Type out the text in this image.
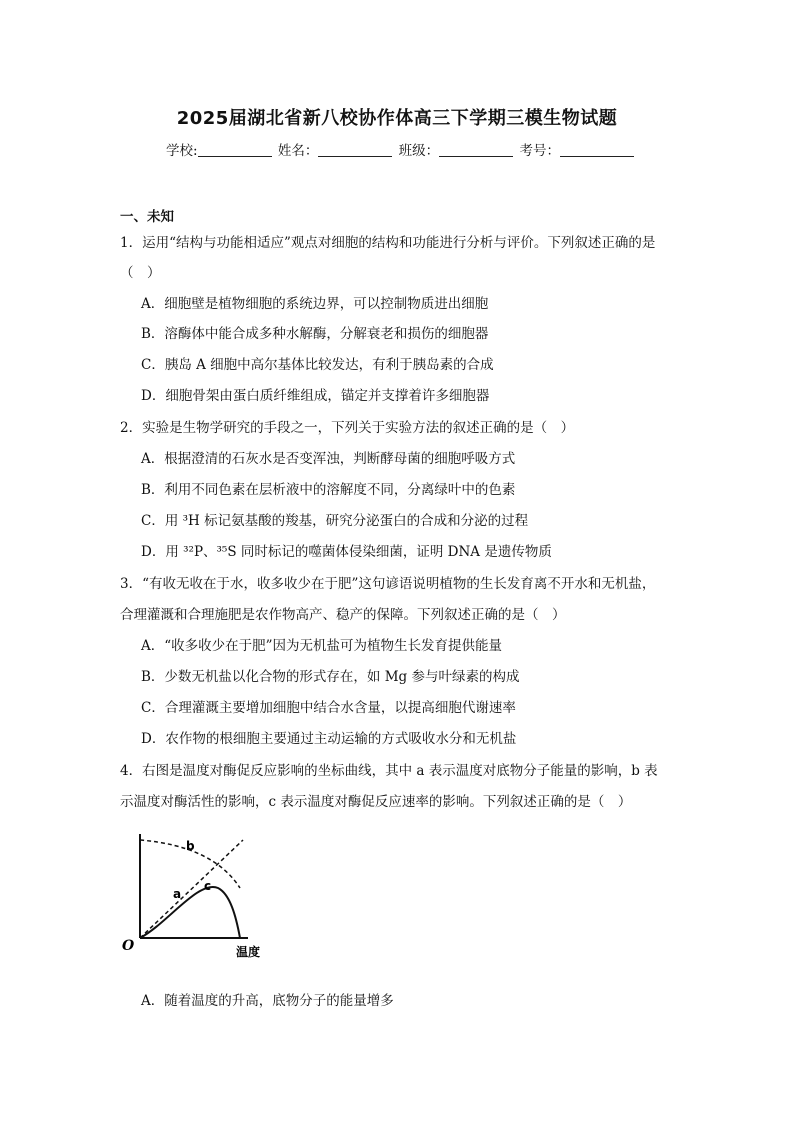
2025届湖北省新八校协作体高三下学期三模生物试题
学校:	姓名：	班级：	考号：
一、未知
1．运用“结构与功能相适应”观点对细胞的结构和功能进行分析与评价。下列叙述正确的是
（　）
A．细胞壁是植物细胞的系统边界，可以控制物质进出细胞
B．溶酶体中能合成多种水解酶，分解衰老和损伤的细胞器
C．胰岛 A 细胞中高尔基体比较发达，有利于胰岛素的合成
D．细胞骨架由蛋白质纤维组成，锚定并支撑着许多细胞器
2．实验是生物学研究的手段之一，下列关于实验方法的叙述正确的是（　）
A．根据澄清的石灰水是否变浑浊，判断酵母菌的细胞呼吸方式
B．利用不同色素在层析液中的溶解度不同，分离绿叶中的色素
C．用 ³H 标记氨基酸的羧基，研究分泌蛋白的合成和分泌的过程
D．用 ³²P、³⁵S 同时标记的噬菌体侵染细菌，证明 DNA 是遗传物质
3．“有收无收在于水，收多收少在于肥”这句谚语说明植物的生长发育离不开水和无机盐，
合理灌溉和合理施肥是农作物高产、稳产的保障。下列叙述正确的是（　）
A．“收多收少在于肥”因为无机盐可为植物生长发育提供能量
B．少数无机盐以化合物的形式存在，如 Mg 参与叶绿素的构成
C．合理灌溉主要增加细胞中结合水含量，以提高细胞代谢速率
D．农作物的根细胞主要通过主动运输的方式吸收水分和无机盐
4．右图是温度对酶促反应影响的坐标曲线，其中 a 表示温度对底物分子能量的影响，b 表
示温度对酶活性的影响，c 表示温度对酶促反应速率的影响。下列叙述正确的是（　）
b
a
c
O	温度
A．随着温度的升高，底物分子的能量增多
